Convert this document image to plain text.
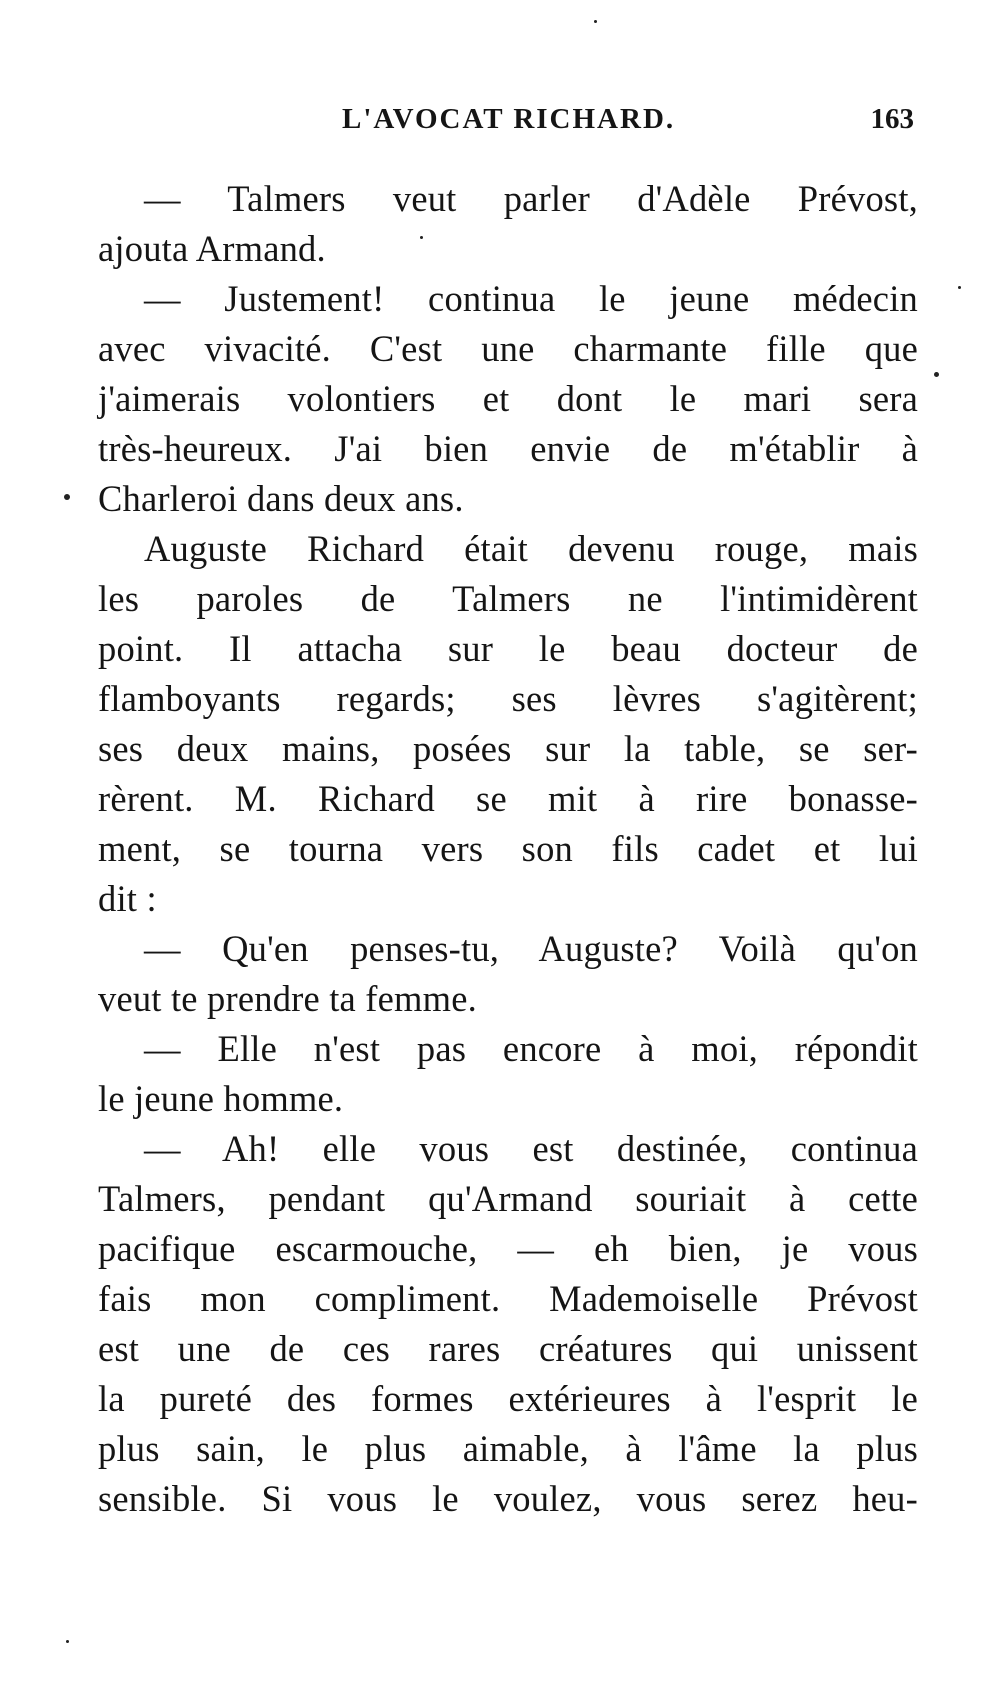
L'AVOCAT RICHARD.	163
— Talmers veut parler d'Adèle Prévost,
ajouta Armand.
— Justement! continua le jeune médecin
avec vivacité. C'est une charmante fille que
j'aimerais volontiers et dont le mari sera
très-heureux. J'ai bien envie de m'établir à
Charleroi dans deux ans.
Auguste Richard était devenu rouge, mais
les paroles de Talmers ne l'intimidèrent
point. Il attacha sur le beau docteur de
flamboyants regards; ses lèvres s'agitèrent;
ses deux mains, posées sur la table, se ser-
rèrent. M. Richard se mit à rire bonasse-
ment, se tourna vers son fils cadet et lui
dit :
— Qu'en penses-tu, Auguste? Voilà qu'on
veut te prendre ta femme.
— Elle n'est pas encore à moi, répondit
le jeune homme.
— Ah! elle vous est destinée, continua
Talmers, pendant qu'Armand souriait à cette
pacifique escarmouche, — eh bien, je vous
fais mon compliment. Mademoiselle Prévost
est une de ces rares créatures qui unissent
la pureté des formes extérieures à l'esprit le
plus sain, le plus aimable, à l'âme la plus
sensible. Si vous le voulez, vous serez heu-
